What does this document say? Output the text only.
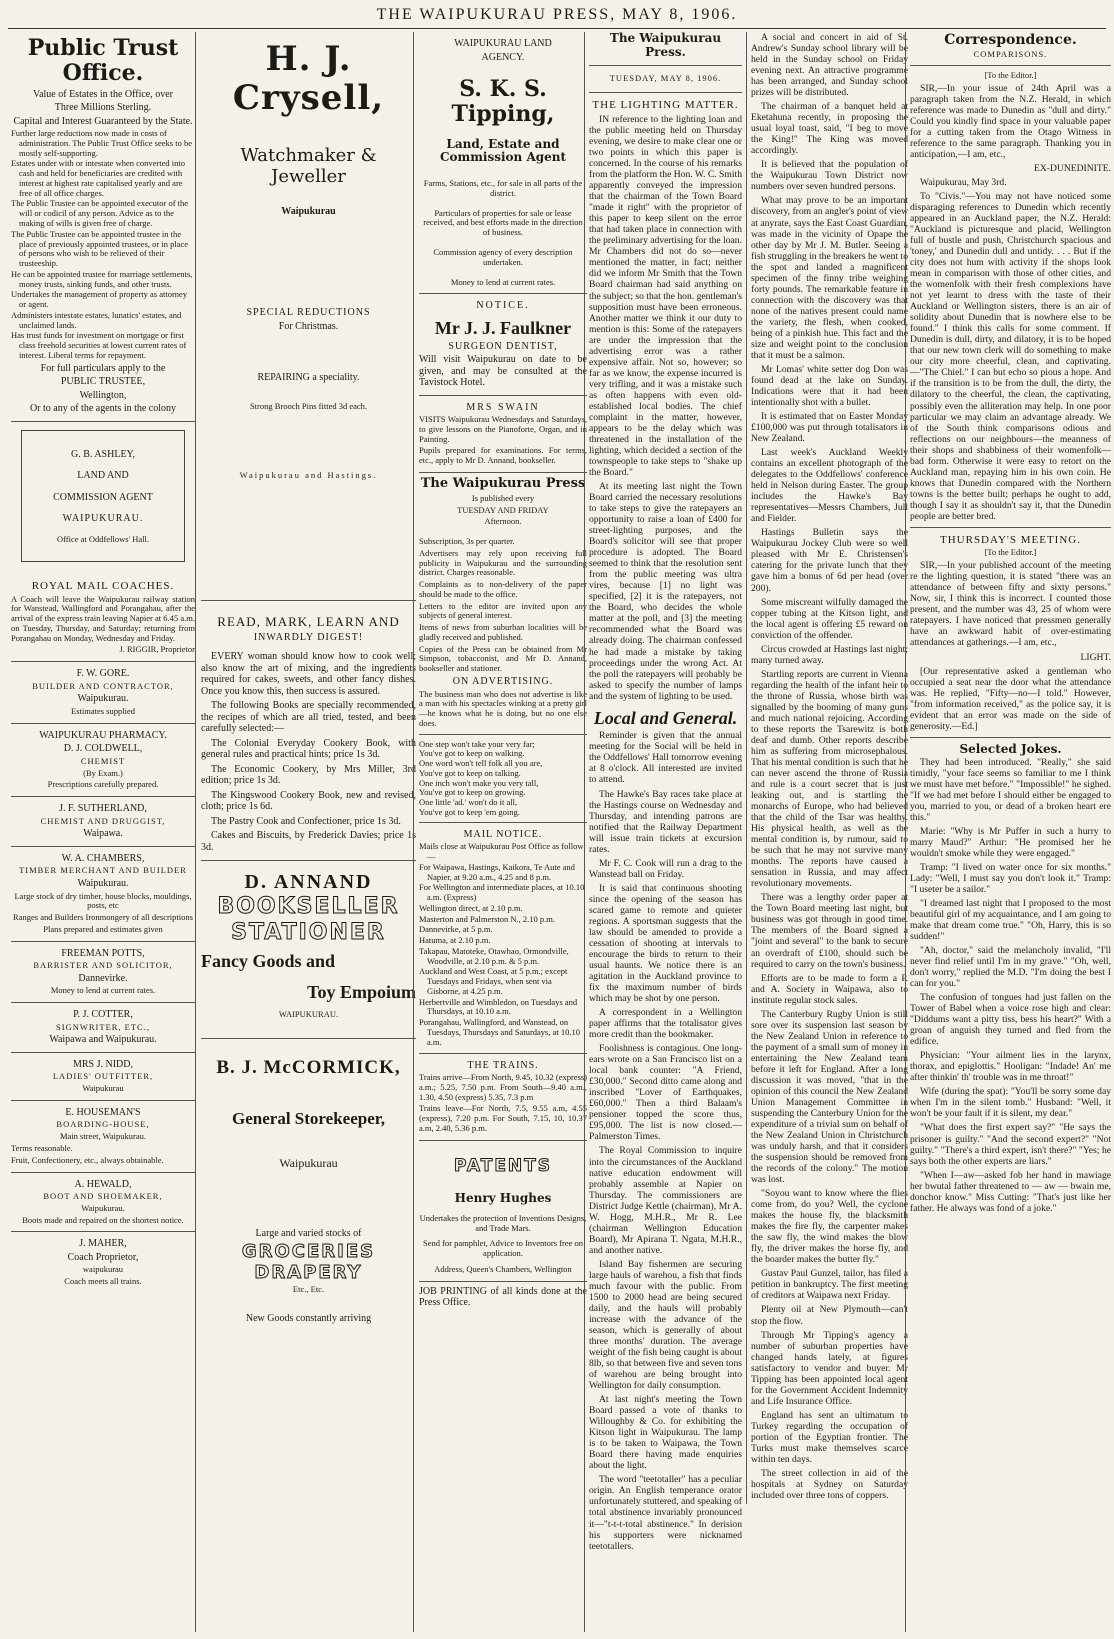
THE WAIPUKURAU PRESS, MAY 8, 1906.
Public Trust Office.

Value of Estates in the Office, over

Three Millions Sterling.

Capital and Interest Guaranteed by the State.

Further large reductions now made in costs of administration. The Public Trust Office seeks to be mostly self-supporting.

Estates under with or intestate when converted into cash and held for beneficiaries are credited with interest at highest rate capitalised yearly and are free of all office charges.

The Public Trustee can be appointed executor of the will or codicil of any person. Advice as to the making of wills is given free of charge.

The Public Trustee can be appointed trustee in the place of previously appointed trustees, or in place of persons who wish to be relieved of their trusteeship.

He can be appointed trustee for marriage settlements, money trusts, sinking funds, and other trusts.

Undertakes the management of property as attorney or agent.

Administers intestate estates, lunatics' estates, and unclaimed lands.

Has trust funds for investment on mortgage or first class freehold securities at lowest current rates of interest. Liberal terms for repayment.

For full particulars apply to the

PUBLIC TRUSTEE,

Wellington,

Or to any of the agents in the colony

G. B. ASHLEY,

LAND AND

COMMISSION AGENT

WAIPUKURAU.

Office at Oddfellows' Hall.

ROYAL MAIL COACHES.

A Coach will leave the Waipukurau railway station for Wanstead, Wallingford and Porangahau, after the arrival of the express train leaving Napier at 6.45 a.m. on Tuesday, Thursday, and Saturday; returning from Porangahau on Monday, Wednesday and Friday.

J. RIGGIR, Proprietor

F. W. GORE.

BUILDER AND CONTRACTOR,

Waipukurau.

Estimates supplied

WAIPUKURAU PHARMACY.

D. J. COLDWELL,

CHEMIST

(By Exam.)

Prescriptions carefully prepared.

J. F. SUTHERLAND,

CHEMIST AND DRUGGIST,

Waipawa.

W. A. CHAMBERS,

TIMBER MERCHANT AND BUILDER

Waipukurau.

Large stock of dry timber, house blocks, mouldings, posts, etc

Ranges and Builders Ironmongery of all descriptions

Plans prepared and estimates given

FREEMAN POTTS,

BARRISTER AND SOLICITOR,

Dannevirke.

Money to lend at current rates.

P. J. COTTER,

SIGNWRITER, ETC.,

Waipawa and Waipukurau.

MRS J. NIDD,

LADIES' OUTFITTER,

Waipukurau

E. HOUSEMAN'S

BOARDING-HOUSE,

Main street, Waipukurau.

Terms reasonable.

Fruit, Confectionery, etc., always obtainable.

A. HEWALD,

BOOT AND SHOEMAKER,

Waipukurau.

Boots made and repaired on the shortest notice.

J. MAHER,

Coach Proprietor,

waipukurau

Coach meets all trains.

H. J. Crysell,
Watchmaker & Jeweller
Waipukurau

SPECIAL REDUCTIONS

For Christmas.

REPAIRING a speciality.

Strong Brooch Pins fitted 3d each.

Waipukurau and Hastings.

READ, MARK, LEARN AND

INWARDLY DIGEST!

EVERY woman should know how to cook well; also know the art of mixing, and the ingredients required for cakes, sweets, and other fancy dishes. Once you know this, then success is assured.

The following Books are specially recommended, the recipes of which are all tried, tested, and been carefully selected:—

The Colonial Everyday Cookery Book, with general rules and practical hints; price 1s 3d.

The Economic Cookery, by Mrs Miller, 3rd edition; price 1s 3d.

The Kingswood Cookery Book, new and revised, cloth; price 1s 6d.

The Pastry Cook and Confectioner, price 1s 3d.

Cakes and Biscuits, by Frederick Davies; price 1s 3d.

D. ANNAND
BOOKSELLER
STATIONER
Fancy Goods and
Toy Empoium

WAIPUKURAU.

B. J. McCORMICK,
General Storekeeper,
Waipukurau

Large and varied stocks of

GROCERIES
DRAPERY

Etc., Etc.

New Goods constantly arriving

WAIPUKURAU LAND

AGENCY.

S. K. S. Tipping,
Land, Estate and
Commission Agent

Farms, Stations, etc., for sale in all parts of the district.

Particulars of properties for sale or lease received, and best efforts made in the direction of business.

Commission agency of every description undertaken.

Money to lend at current rates.

NOTICE.

Mr J. J. Faulkner

SURGEON DENTIST,

Will visit Waipukurau on date to be given, and may be consulted at the Tavistock Hotel.

MRS SWAIN

VISITS Waipukurau Wednesdays and Saturdays, to give lessons on the Pianoforte, Organ, and in Painting.

Pupils prepared for examinations. For terms, etc., apply to Mr D. Annand, bookseller.

The Waipukurau Press

Is published every

TUESDAY AND FRIDAY

Afternoon.

Subscription, 3s per quarter.

Advertisers may rely upon receiving full publicity in Waipukurau and the surrounding district. Charges reasonable.

Complaints as to non-delivery of the paper should be made to the office.

Letters to the editor are invited upon any subjects of general interest.

Items of news from suburban localities will be gladly received and published.

Copies of the Press can be obtained from Mr Simpson, tobacconist, and Mr D. Annand, bookseller and stationer.

ON ADVERTISING.

The business man who does not advertise is like a man with his spectacles winking at a pretty girl—he knows what he is doing, but no one else does.

One step won't take your very far;
You've got to keep on walking.
One word won't tell folk all you are,
You've got to keep on talking.
One inch won't make you very tall,
You've got to keep on growing.
One little 'ad.' won't do it all,
You've got to keep 'em going.

MAIL NOTICE.

Mails close at Waipukurau Post Office as follow:—

For Waipawa, Hastings, Kaikora, Te Aute and Napier, at 9.20 a.m., 4.25 and 8 p.m.

For Wellington and intermediate places, at 10.10 a.m. (Express)

Wellington direct, at 2.10 p.m.

Masterton and Palmerston N., 2.10 p.m.

Dannevirke, at 5 p.m.

Hatuma, at 2.10 p.m.

Takapau, Matoteke, Otawhao, Ormondville, Woodville, at 2.10 p.m. & 5 p.m.

Auckland and West Coast, at 5 p.m.; except Tuesdays and Fridays, when sent via Gisborne, at 4.25 p.m.

Herbertville and Wimbledon, on Tuesdays and Thursdays, at 10.10 a.m.

Porangahau, Wallingford, and Wanstead, on Tuesdays, Thursdays and Saturdays, at 10.10 a.m.

THE TRAINS.

Trains arrive—From North, 9.45, 10.32 (express) a.m.; 5.25, 7.50 p.m. From South—9.40 a.m., 1.30, 4.50 (express) 5.35, 7.3 p.m

Trains leave—For North, 7.5, 9.55 a.m, 4.55 (express), 7.20 p.m. For South, 7.15, 10, 10.37 a.m, 2.40, 5.36 p.m.

PATENTS
Henry Hughes

Undertakes the protection of Inventions Designs, and Trade Mars.

Send for pamphlet, Advice to Inventors free on application.

Address, Queen's Chambers, Wellington

JOB PRINTING of all kinds done at the Press Office.

The Waipukurau Press.

TUESDAY, MAY 8, 1906.

THE LIGHTING MATTER.

IN reference to the lighting loan and the public meeting held on Thursday evening, we desire to make clear one or two points in which this paper is concerned. In the course of his remarks from the platform the Hon. W. C. Smith apparently conveyed the impression that the chairman of the Town Board "made it right" with the proprietor of this paper to keep silent on the error that had taken place in connection with the preliminary advertising for the loan. Mr Chambers did not do so—never mentioned the matter, in fact; neither did we inform Mr Smith that the Town Board chairman had said anything on the subject; so that the hon. gentleman's supposition must have been erroneous. Another matter we think it our duty to mention is this: Some of the ratepayers are under the impression that the advertising error was a rather expensive affair. Not so, however; so far as we know, the expense incurred is very trifling, and it was a mistake such as often happens with even old-established local bodies. The chief complaint in the matter, however, appears to be the delay which was threatened in the installation of the lighting, which decided a section of the townspeople to take steps to "shake up the Board."

At its meeting last night the Town Board carried the necessary resolutions to take steps to give the ratepayers an opportunity to raise a loan of £400 for street-lighting purposes, and the Board's solicitor will see that proper procedure is adopted. The Board seemed to think that the resolution sent from the public meeting was ultra vires, because [1] no light was specified, [2] it is the ratepayers, not the Board, who decides the whole matter at the poll, and [3] the meeting recommended what the Board was already doing. The chairman confessed he had made a mistake by taking proceedings under the wrong Act. At the poll the ratepayers will probably be asked to specify the number of lamps and the system of lighting to be used.

Local and General.

Reminder is given that the annual meeting for the Social will be held in the Oddfellows' Hall tomorrow evening at 8 o'clock. All interested are invited to attend.

The Hawke's Bay races take place at the Hastings course on Wednesday and Thursday, and intending patrons are notified that the Railway Department will issue train tickets at excursion rates.

Mr F. C. Cook will run a drag to the Wanstead ball on Friday.

It is said that continuous shooting since the opening of the season has scared game to remote and quieter regions. A sportsman suggests that the law should be amended to provide a cessation of shooting at intervals to encourage the birds to return to their usual haunts. We notice there is an agitation in the Auckland province to fix the maximum number of birds which may be shot by one person.

A correspondent in a Wellington paper affirms that the totalisator gives more credit than the bookmaker.

Foolishness is contagious. One long-ears wrote on a San Francisco list on a local bank counter: "A Friend, £30,000." Second ditto came along and inscribed "Lover of Earthquakes, £60,000." Then a third Balaam's pensioner topped the score thus, £95,000. The list is now closed.—Palmerston Times.

The Royal Commission to inquire into the circumstances of the Auckland native education endowment will probably assemble at Napier on Thursday. The commissioners are District Judge Kettle (chairman), Mr A. W. Hogg, M.H.R., Mr R. Lee (chairman Wellington Education Board), Mr Apirana T. Ngata, M.H.R., and another native.

Island Bay fishermen are securing large hauls of warehou, a fish that finds much favour with the public. From 1500 to 2000 head are being secured daily, and the hauls will probably increase with the advance of the season, which is generally of about three months' duration. The average weight of the fish being caught is about 8lb, so that between five and seven tons of warehou are being brought into Wellington for daily consumption.

At last night's meeting the Town Board passed a vote of thanks to Willoughby & Co. for exhibiting the Kitson light in Waipukurau. The lamp is to be taken to Waipawa, the Town Board there having made enquiries about the light.

The word "teetotaller" has a peculiar origin. An English temperance orator unfortunately stuttered, and speaking of total abstinence invariably pronounced it—"t-t-t-total abstinence." In derision his supporters were nicknamed teetotallers.

A social and concert in aid of St. Andrew's Sunday school library will be held in the Sunday school on Friday evening next. An attractive programme has been arranged, and Sunday school prizes will be distributed.

The chairman of a banquet held at Eketahuna recently, in proposing the usual loyal toast, said, "I beg to move the King!" The King was moved accordingly.

It is believed that the population of the Waipukurau Town District now numbers over seven hundred persons.

What may prove to be an important discovery, from an angler's point of view at anyrate, says the East Coast Guardian, was made in the vicinity of Opape the other day by Mr J. M. Butler. Seeing a fish struggling in the breakers he went to the spot and landed a magnificent specimen of the finny tribe weighing forty pounds. The remarkable feature in connection with the discovery was that none of the natives present could name the variety, the flesh, when cooked, being of a pinkish hue. This fact and the size and weight point to the conclusion that it must be a salmon.

Mr Lomas' white setter dog Don was found dead at the lake on Sunday. Indications were that it had been intentionally shot with a bullet.

It is estimated that on Easter Monday £100,000 was put through totalisators in New Zealand.

Last week's Auckland Weekly contains an excellent photograph of the delegates to the Oddfellows' conference held in Nelson during Easter. The group includes the Hawke's Bay representatives—Messrs Chambers, Jull and Fielder.

Hastings Bulletin says the Waipukurau Jockey Club were so well pleased with Mr E. Christensen's catering for the private lunch that they gave him a bonus of 6d per head (over 200).

Some miscreant wilfully damaged the copper tubing at the Kitson light, and the local agent is offering £5 reward on conviction of the offender.

Circus crowded at Hastings last night; many turned away.

Startling reports are current in Vienna regarding the health of the infant heir to the throne of Russia, whose birth was signalled by the booming of many guns and much national rejoicing. According to these reports the Tsarewitz is both deaf and dumb. Other reports describe him as suffering from microsephalous. That his mental condition is such that he can never ascend the throne of Russia and rule is a court secret that is just leaking out, and is startling the monarchs of Europe, who had believed that the child of the Tsar was healthy. His physical health, as well as the mental condition is, by rumour, said to be such that he may not survive many months. The reports have caused a sensation in Russia, and may affect revolutionary movements.

There was a lengthy order paper at the Town Board meeting last night, but business was got through in good time. The members of the Board signed a "joint and several" to the bank to secure an overdraft of £100, should such be required to carry on the town's business.

Efforts are to be made to form a P. and A. Society in Waipawa, also to institute regular stock sales.

The Canterbury Rugby Union is still sore over its suspension last season by the New Zealand Union in reference to the payment of a small sum of money in entertaining the New Zealand team before it left for England. After a long discussion it was moved, "that in the opinion of this council the New Zealand Union Management Committee in suspending the Canterbury Union for the expenditure of a trivial sum on behalf of the New Zealand Union in Christchurch was unduly harsh, and that it considers the suspension should be removed from the records of the colony." The motion was lost.

"Soyou want to know where the flies come from, do you? Well, the cyclone makes the house fly, the blacksmith makes the fire fly, the carpenter makes the saw fly, the wind makes the blow fly, the driver makes the horse fly, and the boarder makes the butter fly."

Gustav Paul Gunzel, tailor, has filed a petition in bankruptcy. The first meeting of creditors at Waipawa next Friday.

Plenty oil at New Plymouth—can't stop the flow.

Through Mr Tipping's agency a number of suburban properties have changed hands lately, at figures satisfactory to vendor and buyer. Mr Tipping has been appointed local agent for the Government Accident Indemnity and Life Insurance Office.

England has sent an ultimatum to Turkey regarding the occupation of portion of the Egyptian frontier. The Turks must make themselves scarce within ten days.

The street collection in aid of the hospitals at Sydney on Saturday included over three tons of coppers.

Correspondence.

COMPARISONS.

[To the Editor.]

SIR,—In your issue of 24th April was a paragraph taken from the N.Z. Herald, in which reference was made to Dunedin as "dull and dirty." Could you kindly find space in your valuable paper for a cutting taken from the Otago Witness in reference to the same paragraph. Thanking you in anticipation,—I am, etc.,

EX-DUNEDINITE.

Waipukurau, May 3rd.

To "Civis."—You may not have noticed some disparaging references to Dunedin which recently appeared in an Auckland paper, the N.Z. Herald: "Auckland is picturesque and placid, Wellington full of bustle and push, Christchurch spacious and 'toney,' and Dunedin dull and untidy. . . . But if the city does not hum with activity if the shops look mean in comparison with those of other cities, and the womenfolk with their fresh complexions have not yet learnt to dress with the taste of their Auckland or Wellington sisters, there is an air of solidity about Dunedin that is nowhere else to be found." I think this calls for some comment. If Dunedin is dull, dirty, and dilatory, it is to be hoped that our new town clerk will do something to make our city more cheerful, clean, and captivating.—"The Chiel." I can but echo so pious a hope. And if the transition is to be from the dull, the dirty, the dilatory to the cheerful, the clean, the captivating, possibly even the alliteration may help. In one poor particular we may claim an advantage already. We of the South think comparisons odious and reflections on our neighbours—the meanness of their shops and shabbiness of their womenfolk—bad form. Otherwise it were easy to retort on the Auckland man, repaying him in his own coin. He knows that Dunedin compared with the Northern towns is the better built; perhaps he ought to add, though I say it as shouldn't say it, that the Dunedin people are better bred.

THURSDAY'S MEETING.

[To the Editor.]

SIR,—In your published account of the meeting re the lighting question, it is stated "there was an attendance of between fifty and sixty persons." Now, sir, I think this is incorrect. I counted those present, and the number was 43, 25 of whom were ratepayers. I have noticed that pressmen generally have an awkward habit of over-estimating attendances at gatherings.—I am, etc.,

LIGHT.

[Our representative asked a gentleman who occupied a seat near the door what the attendance was. He replied, "Fifty—no—I told." However, "from information received," as the police say, it is evident that an error was made on the side of generosity.—Ed.]

Selected Jokes.

They had been introduced. "Really," she said timidly, "your face seems so familiar to me I think we must have met before." "Impossible!" he sighed. "If we had met before I should either be engaged to you, married to you, or dead of a broken heart ere this."

Marie: "Why is Mr Puffer in such a hurry to marry Maud?" Arthur: "He promised her he wouldn't smoke while they were engaged."

Tramp: "I lived on water once for six months." Lady: "Well, I must say you don't look it." Tramp: "I useter be a sailor."

"I dreamed last night that I proposed to the most beautiful girl of my acquaintance, and I am going to make that dream come true." "Oh, Harry, this is so sudden!"

"Ah, doctor," said the melancholy invalid, "I'll never find relief until I'm in my grave." "Oh, well, don't worry," replied the M.D. "I'm doing the best I can for you."

The confusion of tongues had just fallen on the Tower of Babel when a voice rose high and clear: "Diddums want a pitty tiss, bess his heart?" With a groan of anguish they turned and fled from the edifice.

Physician: "Your ailment lies in the larynx, thorax, and epiglottis." Hooligan: "Indade! An' me after thinkin' th' trouble was in me throat!"

Wife (during the spat): "You'll be sorry some day when I'm in the silent tomb." Husband: "Well, it won't be your fault if it is silent, my dear."

"What does the first expert say?" "He says the prisoner is guilty." "And the second expert?" "Not guilty." "There's a third expert, isn't there?" "Yes; he says both the other experts are liars."

"When I—aw—asked fob her hand in mawiage her bwutal father threatened to — aw — bwain me, donchor know." Miss Cutting: "That's just like her father. He always was fond of a joke."
